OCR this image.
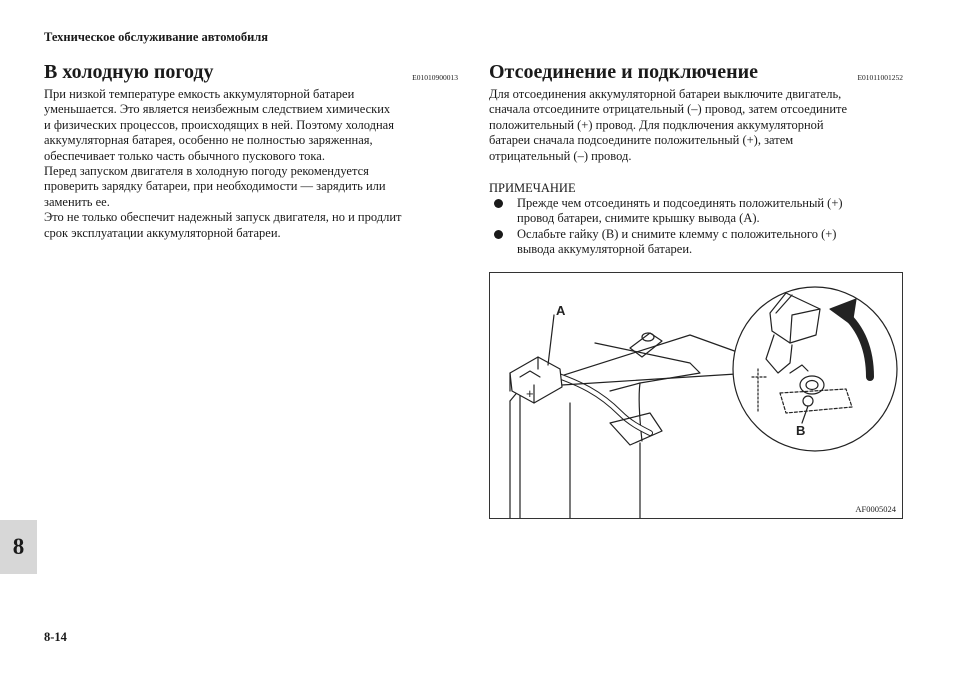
Техническое обслуживание автомобиля
8
8-14
В холодную погоду	E01010900013
При низкой температуре емкость аккумуляторной батареи
уменьшается. Это является неизбежным следствием химических
и физических процессов, происходящих в ней. Поэтому холодная
аккумуляторная батарея, особенно не полностью заряженная,
обеспечивает только часть обычного пускового тока.
Перед запуском двигателя в холодную погоду рекомендуется
проверить зарядку батареи, при необходимости — зарядить или
заменить ее.
Это не только обеспечит надежный запуск двигателя, но и продлит
срок эксплуатации аккумуляторной батареи.
Отсоединение и подключение	E01011001252
Для отсоединения аккумуляторной батареи выключите двигатель,
сначала отсоедините отрицательный (–) провод, затем отсоедините
положительный (+) провод. Для подключения аккумуляторной
батареи сначала подсоедините положительный (+), затем
отрицательный (–) провод.
ПРИМЕЧАНИЕ
Прежде чем отсоединять и подсоединять положительный (+)
провод батареи, снимите крышку вывода (A).
Ослабьте гайку (B) и снимите клемму с положительного (+)
вывода аккумуляторной батареи.
+
A
B
AF0005024
